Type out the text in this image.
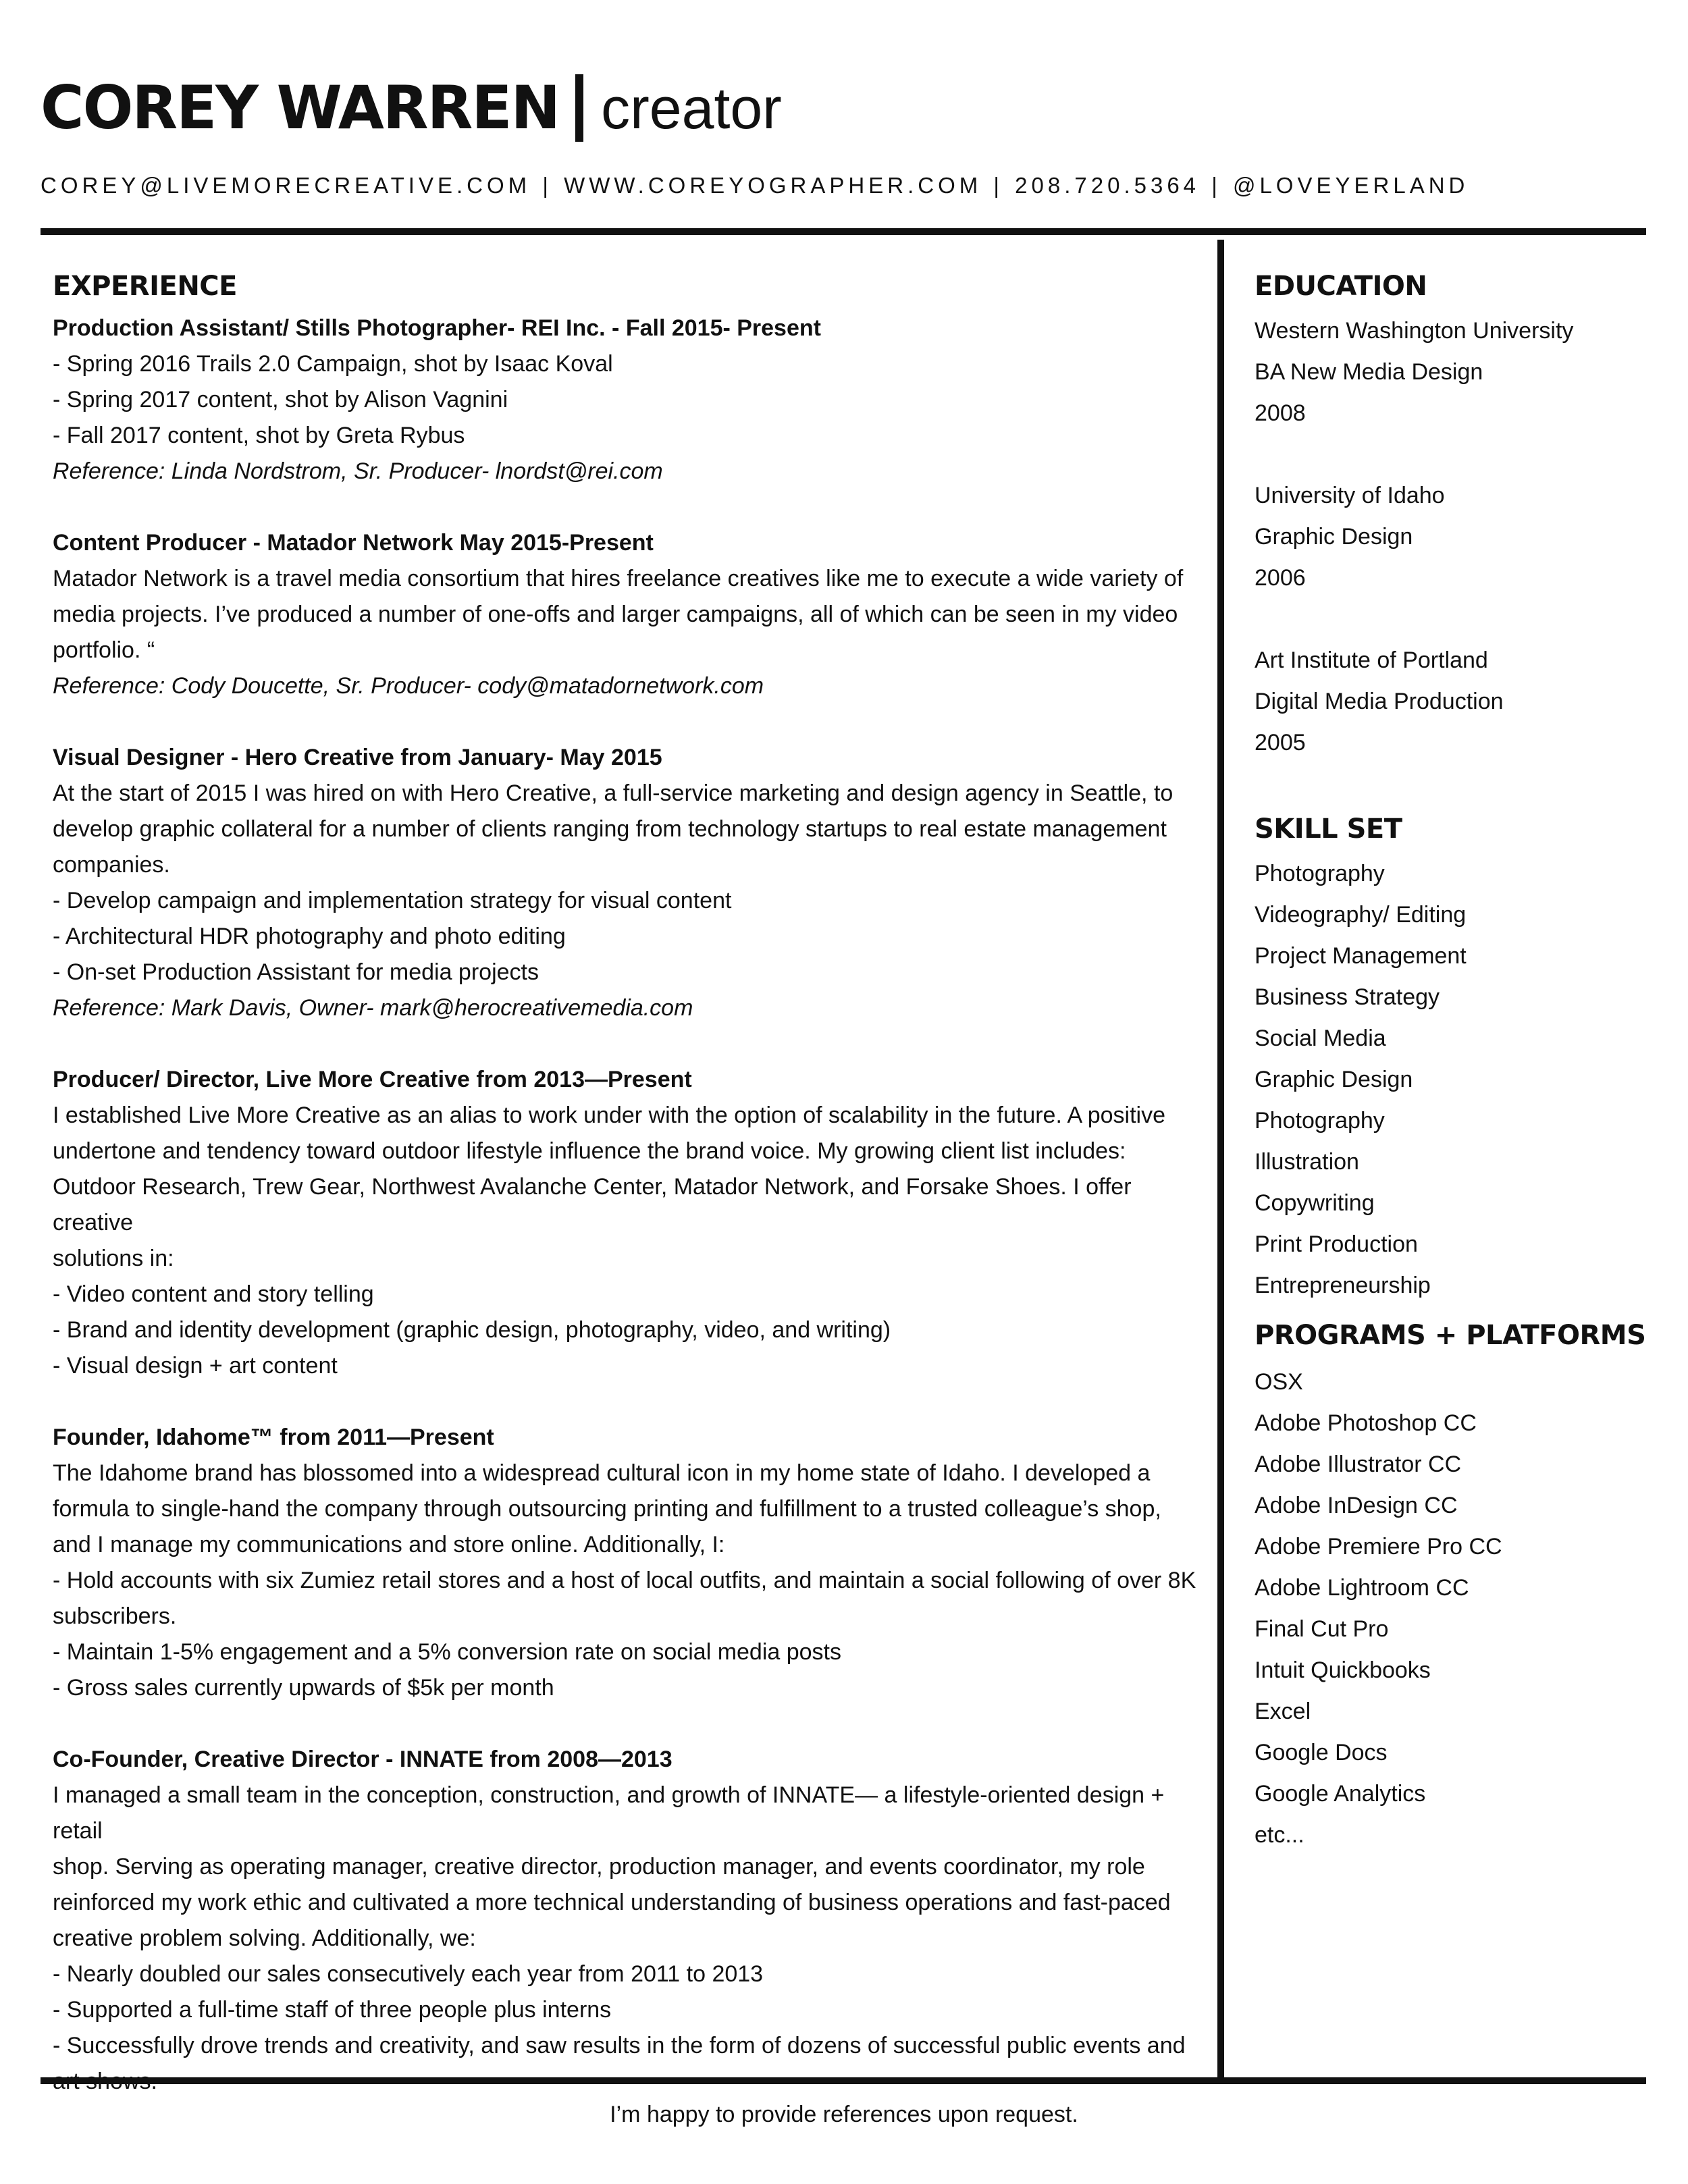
COREY WARREN creator
COREY@LIVEMORECREATIVE.COM | WWW.COREYOGRAPHER.COM | 208.720.5364 | @LOVEYERLAND
EXPERIENCE

Production Assistant/ Stills Photographer- REI Inc. - Fall 2015- Present

- Spring 2016 Trails 2.0 Campaign, shot by Isaac Koval

- Spring 2017 content, shot by Alison Vagnini

- Fall 2017 content, shot by Greta Rybus

Reference: Linda Nordstrom, Sr. Producer- lnordst@rei.com

Content Producer - Matador Network May 2015-Present

Matador Network is a travel media consortium that hires freelance creatives like me to execute a wide variety of

media projects. I’ve produced a number of one-offs and larger campaigns, all of which can be seen in my video

portfolio. “

Reference: Cody Doucette, Sr. Producer- cody@matadornetwork.com

Visual Designer - Hero Creative from January- May 2015

At the start of 2015 I was hired on with Hero Creative, a full-service marketing and design agency in Seattle, to

develop graphic collateral for a number of clients ranging from technology startups to real estate management

companies.

- Develop campaign and implementation strategy for visual content

- Architectural HDR photography and photo editing

- On-set Production Assistant for media projects

Reference: Mark Davis, Owner- mark@herocreativemedia.com

Producer/ Director, Live More Creative from 2013—Present

I established Live More Creative as an alias to work under with the option of scalability in the future. A positive

undertone and tendency toward outdoor lifestyle influence the brand voice. My growing client list includes:

Outdoor Research, Trew Gear, Northwest Avalanche Center, Matador Network, and Forsake Shoes. I offer creative

solutions in:

- Video content and story telling

- Brand and identity development (graphic design, photography, video, and writing)

- Visual design + art content

Founder, Idahome™ from 2011—Present

The Idahome brand has blossomed into a widespread cultural icon in my home state of Idaho. I developed a

formula to single-hand the company through outsourcing printing and fulfillment to a trusted colleague’s shop,

and I manage my communications and store online. Additionally, I:

- Hold accounts with six Zumiez retail stores and a host of local outfits, and maintain a social following of over 8K

subscribers.

- Maintain 1-5% engagement and a 5% conversion rate on social media posts

- Gross sales currently upwards of $5k per month

Co-Founder, Creative Director - INNATE from 2008—2013

I managed a small team in the conception, construction, and growth of INNATE— a lifestyle-oriented design + retail

shop. Serving as operating manager, creative director, production manager, and events coordinator, my role

reinforced my work ethic and cultivated a more technical understanding of business operations and fast-paced

creative problem solving. Additionally, we:

- Nearly doubled our sales consecutively each year from 2011 to 2013

- Supported a full-time staff of three people plus interns

- Successfully drove trends and creativity, and saw results in the form of dozens of successful public events and

EDUCATION

Western Washington University

BA New Media Design

2008

University of Idaho

Graphic Design

2006

Art Institute of Portland

Digital Media Production

2005

SKILL SET

Photography

Videography/ Editing

Project Management

Business Strategy

Social Media

Graphic Design

Photography

Illustration

Copywriting

Print Production

Entrepreneurship

PROGRAMS + PLATFORMS

OSX

Adobe Photoshop CC

Adobe Illustrator CC

Adobe InDesign CC

Adobe Premiere Pro CC

Adobe Lightroom CC

Final Cut Pro

Intuit Quickbooks

Excel

Google Docs

Google Analytics

etc...

I’m happy to provide references upon request.
